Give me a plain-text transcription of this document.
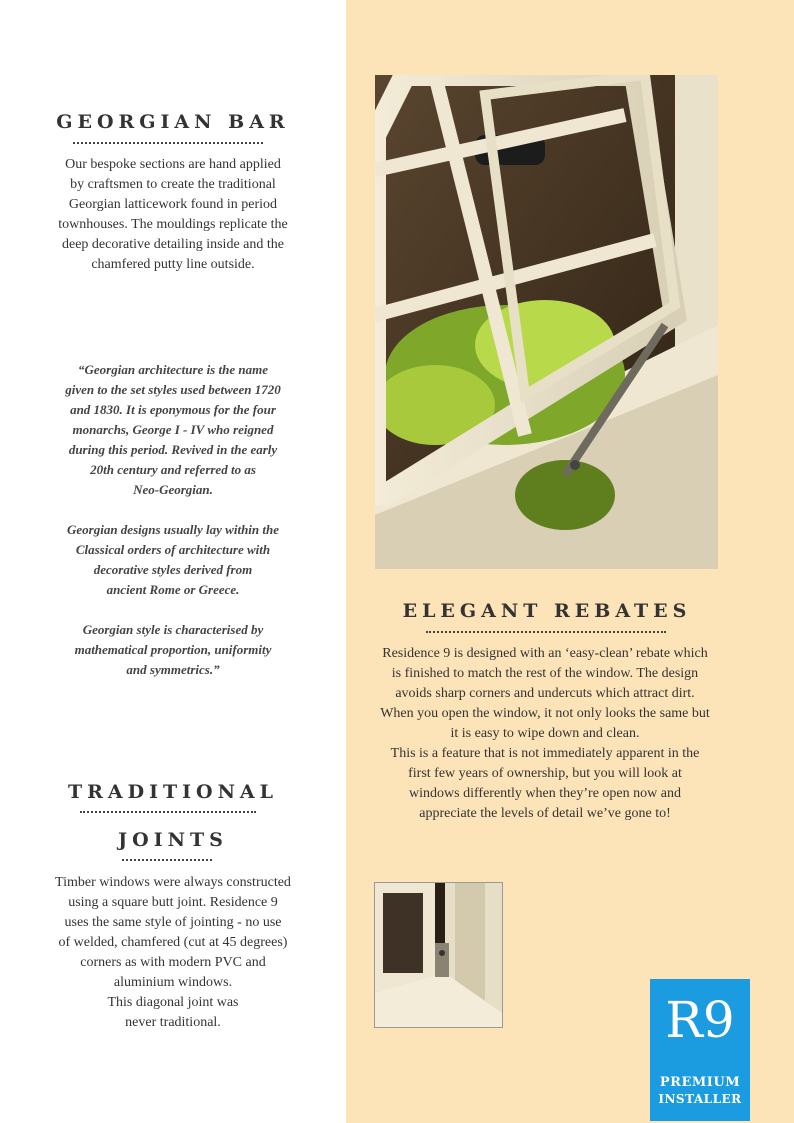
GEORGIAN BAR
Our bespoke sections are hand applied
by craftsmen to create the traditional
Georgian latticework found in period
townhouses. The mouldings replicate the
deep decorative detailing inside and the
chamfered putty line outside.
“Georgian architecture is the name
given to the set styles used between 1720
and 1830. It is eponymous for the four
monarchs, George I - IV who reigned
during this period. Revived in the early
20th century and referred to as
Neo-Georgian.
Georgian designs usually lay within the
Classical orders of architecture with
decorative styles derived from
ancient Rome or Greece.
Georgian style is characterised by
mathematical proportion, uniformity
and symmetrics.”
TRADITIONAL
JOINTS
Timber windows were always constructed
using a square butt joint. Residence 9
uses the same style of jointing - no use
of welded, chamfered (cut at 45 degrees)
corners as with modern PVC and
aluminium windows.
This diagonal joint was
never traditional.
ELEGANT REBATES
Residence 9 is designed with an ‘easy-clean’ rebate which
is finished to match the rest of the window. The design
avoids sharp corners and undercuts which attract dirt.
When you open the window, it not only looks the same but
it is easy to wipe down and clean.
This is a feature that is not immediately apparent in the
first few years of ownership, but you will look at
windows differently when they’re open now and
appreciate the levels of detail we’ve gone to!
R9
PREMIUM
INSTALLER
